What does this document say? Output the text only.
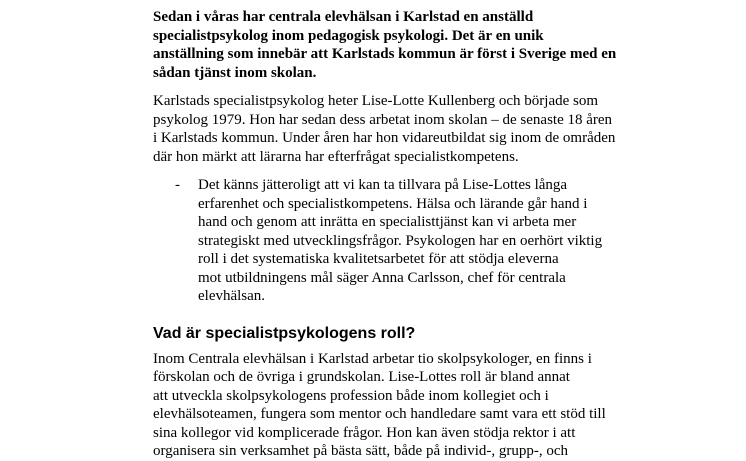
Sedan i våras har centrala elevhälsan i Karlstad en anställd
specialistpsykolog inom pedagogisk psykologi. Det är en unik
anställning som innebär att Karlstads kommun är först i Sverige med en
sådan tjänst inom skolan.

Karlstads specialistpsykolog heter Lise-Lotte Kullenberg och började som
psykolog 1979. Hon har sedan dess arbetat inom skolan – de senaste 18 åren
i Karlstads kommun. Under åren har hon vidareutbildat sig inom de områden
där hon märkt att lärarna har efterfrågat specialistkompetens.

- Det känns jätteroligt att vi kan ta tillvara på Lise-Lottes långa
erfarenhet och specialistkompetens. Hälsa och lärande går hand i
hand och genom att inrätta en specialisttjänst kan vi arbeta mer
strategiskt med utvecklingsfrågor. Psykologen har en oerhört viktig
roll i det systematiska kvalitetsarbetet för att stödja eleverna
mot utbildningens mål säger Anna Carlsson, chef för centrala
elevhälsan.
Vad är specialistpsykologens roll?

Inom Centrala elevhälsan i Karlstad arbetar tio skolpsykologer, en finns i
förskolan och de övriga i grundskolan. Lise-Lottes roll är bland annat
att utveckla skolpsykologens profession både inom kollegiet och i
elevhälsoteamen, fungera som mentor och handledare samt vara ett stöd till
sina kollegor vid komplicerade frågor. Hon kan även stödja rektor i att
organisera sin verksamhet på bästa sätt, både på individ-, grupp-, och
